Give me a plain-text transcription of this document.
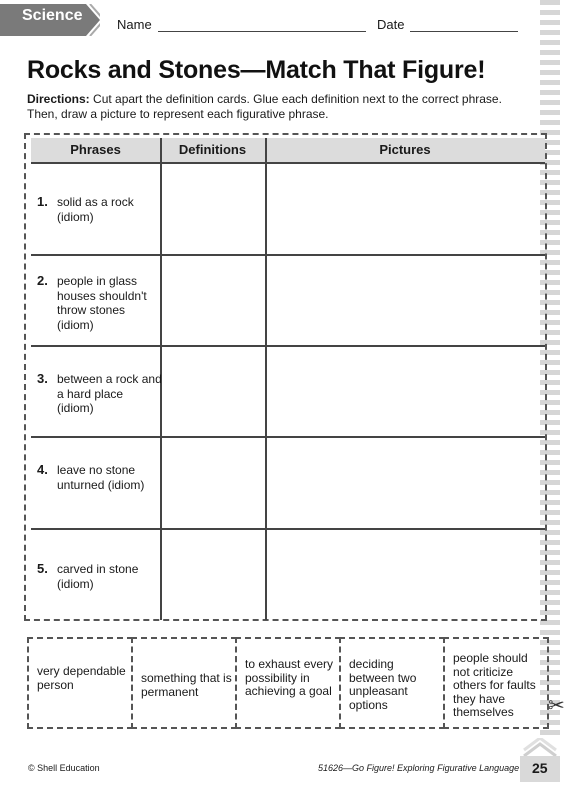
Science
Name	Date
Rocks and Stones—Match That Figure!
Directions: Cut apart the definition cards. Glue each definition next to the correct phrase. Then, draw a picture to represent each figurative phrase.
Phrases	Definitions	Pictures
1. solid as a rock (idiom)
2. people in glass houses shouldn't throw stones (idiom)
3. between a rock and a hard place (idiom)
4. leave no stone unturned (idiom)
5. carved in stone (idiom)
very dependable person	something that is permanent
to exhaust every possibility in achieving a goal
deciding between two unpleasant options
people should not criticize others for faults they have themselves	✂
© Shell Education	51626—Go Figure! Exploring Figurative Language 25
